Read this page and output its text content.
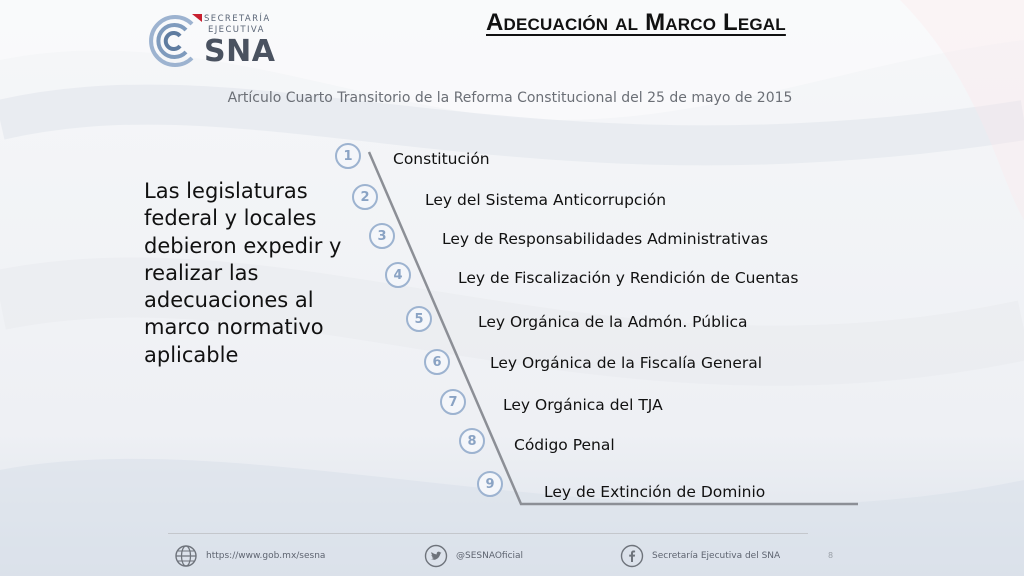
SECRETARÍA
EJECUTIVA
SNA
Adecuación al Marco Legal
Artículo Cuarto Transitorio de la Reforma Constitucional del 25 de mayo de 2015
Las legislaturas federal y locales debieron expedir y realizar las adecuaciones al marco normativo aplicable
1	Constitución
2	Ley del Sistema Anticorrupción
3	Ley de Responsabilidades Administrativas
4	Ley de Fiscalización y Rendición de Cuentas
5	Ley Orgánica de la Admón. Pública
6	Ley Orgánica de la Fiscalía General
7	Ley Orgánica del TJA
8	Código Penal
9	Ley de Extinción de Dominio
https://www.gob.mx/sesna	@SESNAOficial	Secretaría Ejecutiva del SNA	8
